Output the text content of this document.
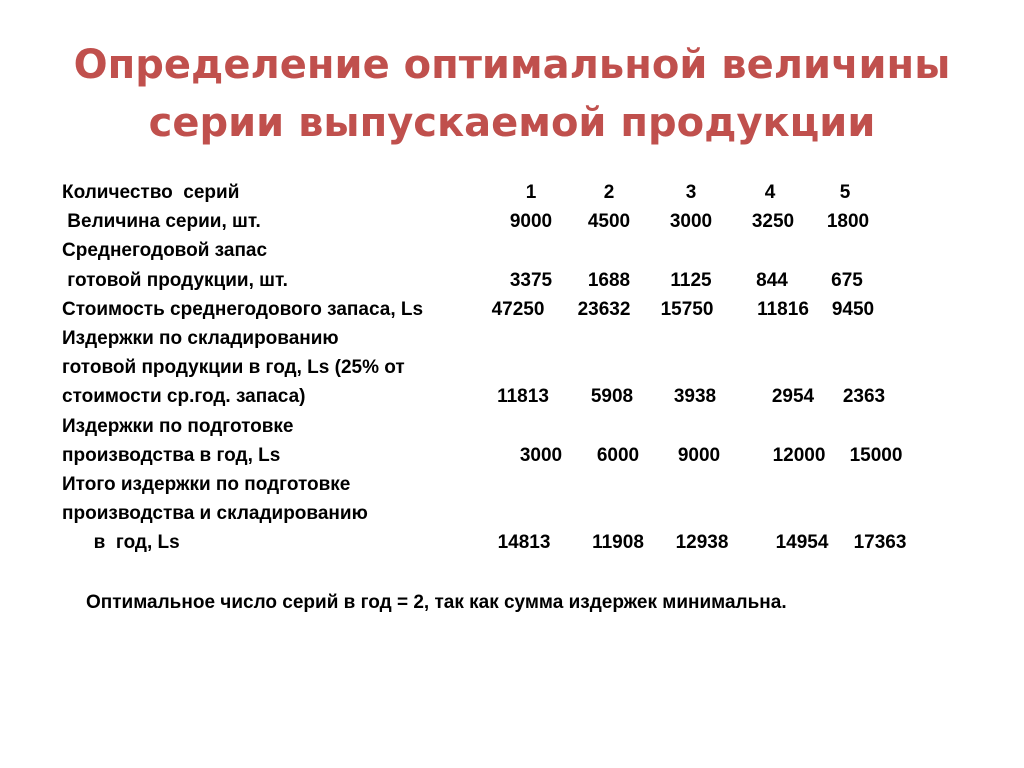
Определение оптимальной величины
серии выпускаемой продукции
Количество  серий	1	2	3	4	5
Величина серии, шт.	9000 4500 3000 3250 1800
Среднегодовой запас
готовой продукции, шт.	3375 1688 1125 844 675
Стоимость среднегодового запаса, Ls	47250 23632 15750 11816 9450
Издержки по складированию
готовой продукции в год, Ls (25% от
стоимости ср.год. запаса)	11813 5908 3938	2954 2363
Издержки по подготовке
производства в год, Ls	3000 6000 9000	12000 15000
Итого издержки по подготовке
производства и складированию
в  год, Ls	14813 11908 12938 14954 17363
Оптимальное число серий в год = 2, так как сумма издержек минимальна.
